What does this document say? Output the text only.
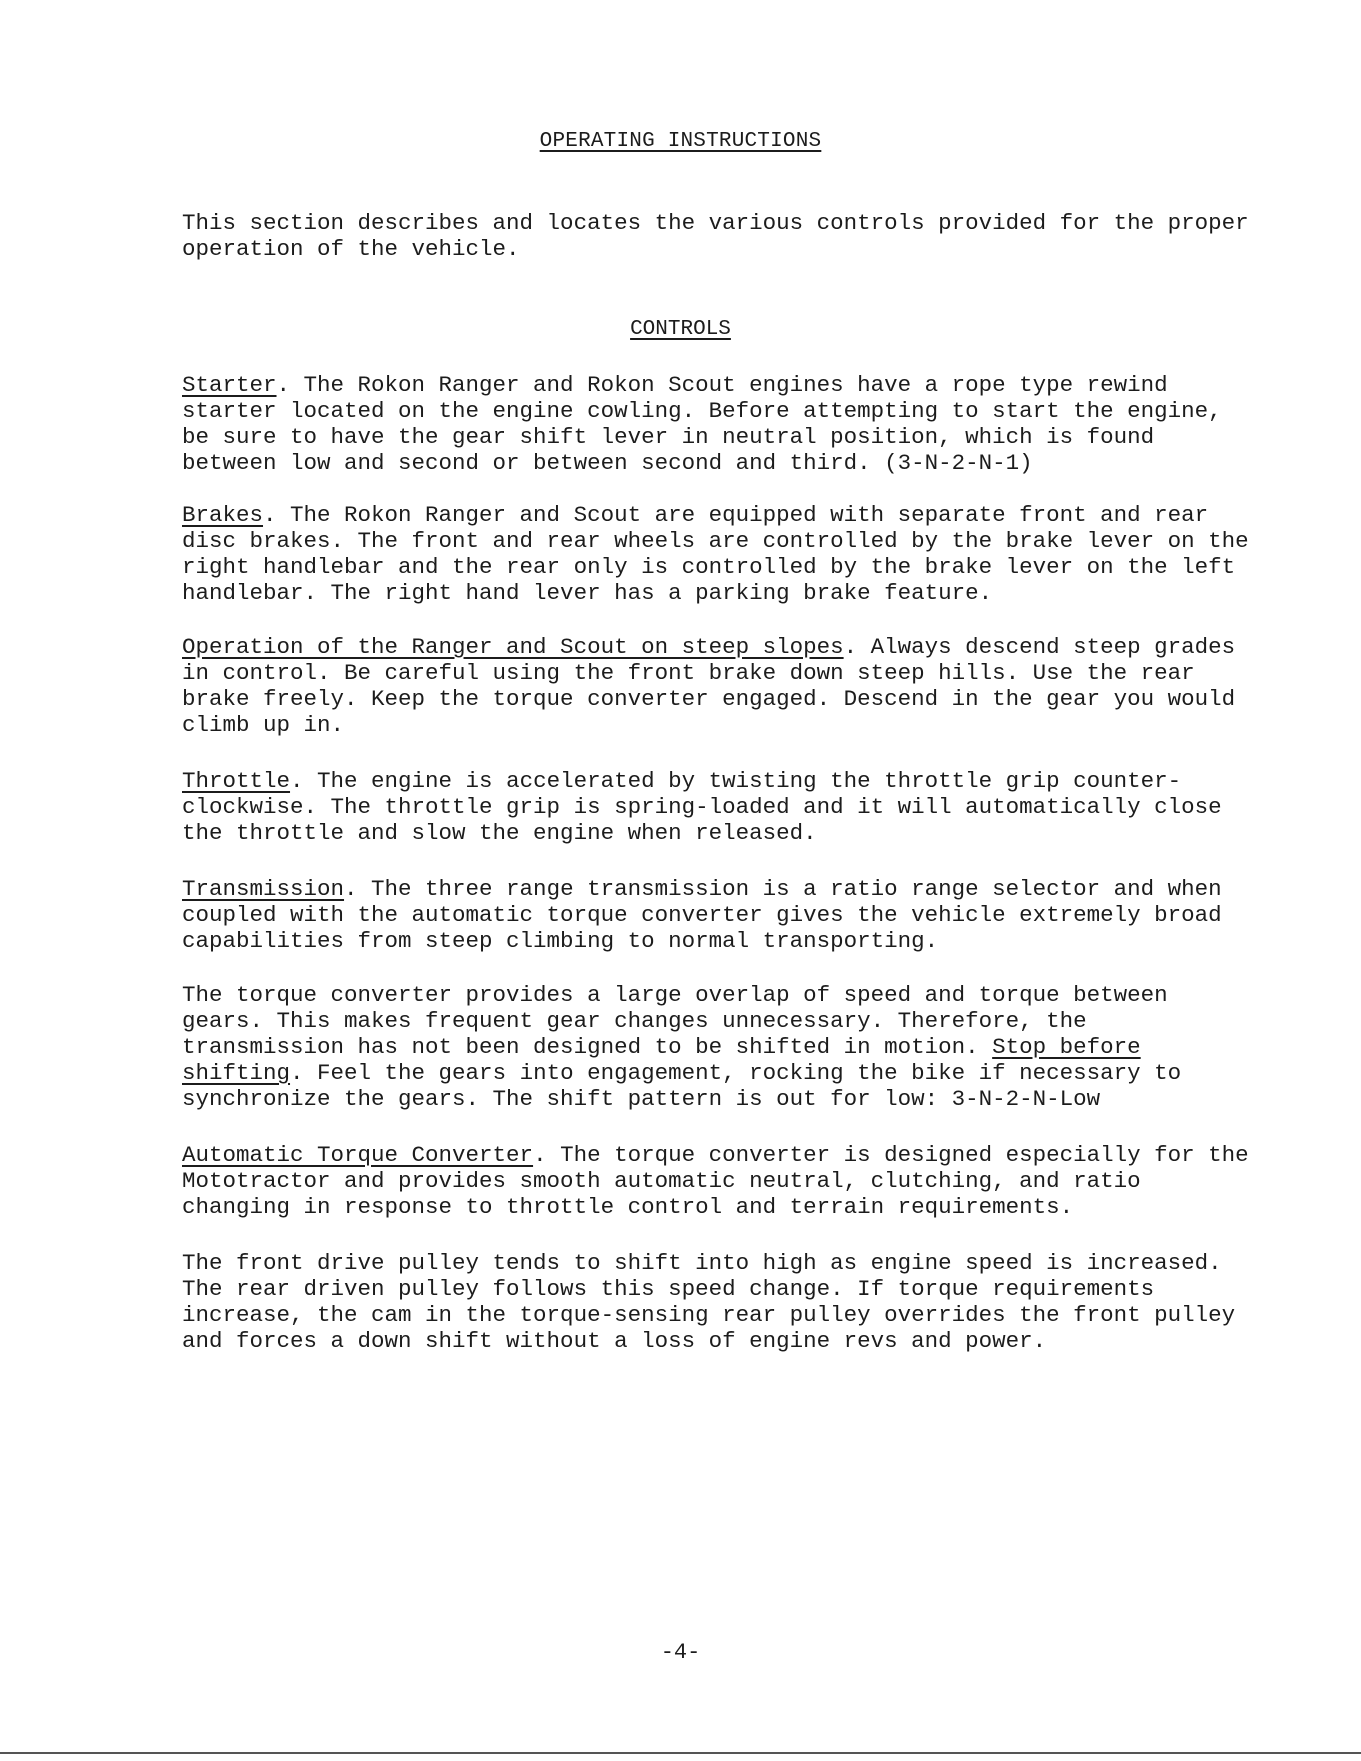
OPERATING INSTRUCTIONS

This section describes and locates the various controls provided for the proper operation of the vehicle.

CONTROLS

Starter. The Rokon Ranger and Rokon Scout engines have a rope type rewind starter located on the engine cowling. Before attempting to start the engine, be sure to have the gear shift lever in neutral position, which is found between low and second or between second and third. (3-N-2-N-1)

Brakes. The Rokon Ranger and Scout are equipped with separate front and rear disc brakes. The front and rear wheels are controlled by the brake lever on the right handlebar and the rear only is controlled by the brake lever on the left handlebar. The right hand lever has a parking brake feature.

Operation of the Ranger and Scout on steep slopes. Always descend steep grades in control. Be careful using the front brake down steep hills. Use the rear brake freely. Keep the torque converter engaged. Descend in the gear you would climb up in.

Throttle. The engine is accelerated by twisting the throttle grip counter-clockwise. The throttle grip is spring-loaded and it will automatically close the throttle and slow the engine when released.

Transmission. The three range transmission is a ratio range selector and when coupled with the automatic torque converter gives the vehicle extremely broad capabilities from steep climbing to normal transporting.

The torque converter provides a large overlap of speed and torque between gears. This makes frequent gear changes unnecessary. Therefore, the transmission has not been designed to be shifted in motion. Stop before shifting. Feel the gears into engagement, rocking the bike if necessary to synchronize the gears. The shift pattern is out for low: 3-N-2-N-Low

Automatic Torque Converter. The torque converter is designed especially for the Mototractor and provides smooth automatic neutral, clutching, and ratio changing in response to throttle control and terrain requirements.

The front drive pulley tends to shift into high as engine speed is increased. The rear driven pulley follows this speed change. If torque requirements increase, the cam in the torque-sensing rear pulley overrides the front pulley and forces a down shift without a loss of engine revs and power.

-4-
